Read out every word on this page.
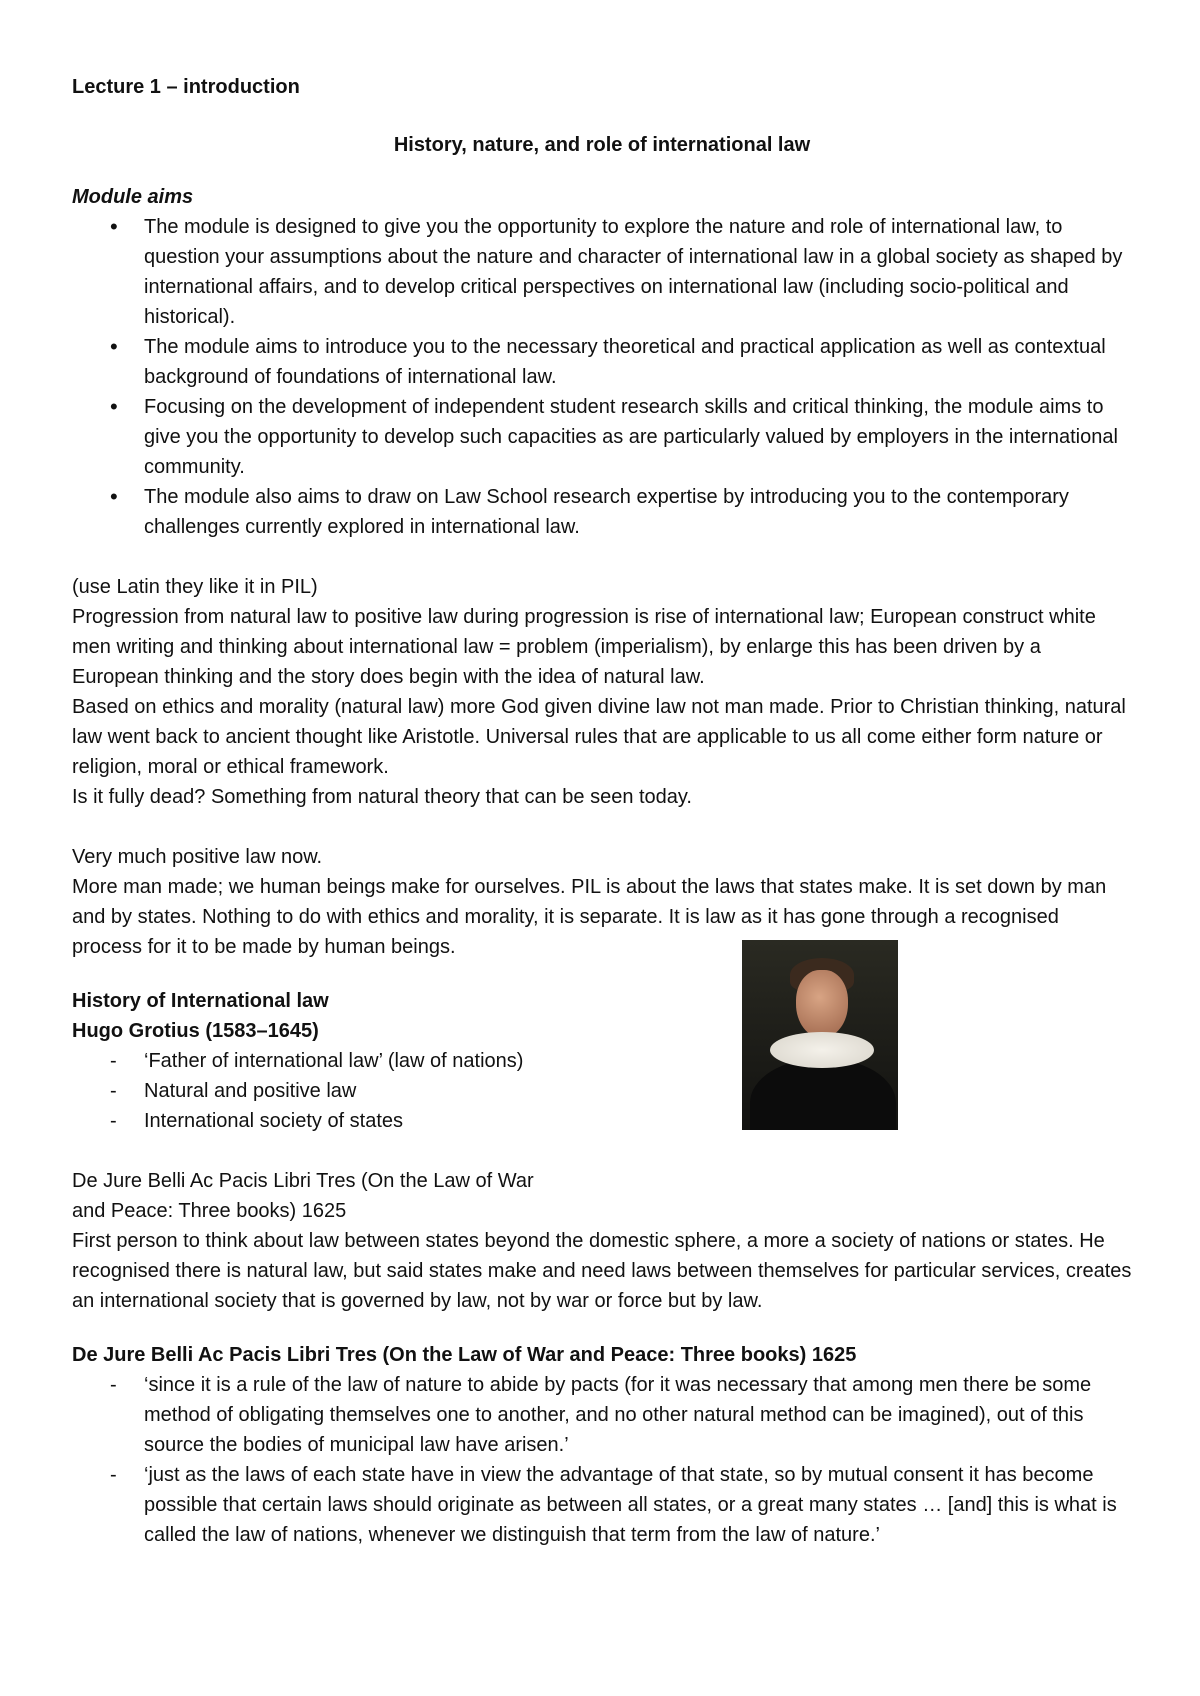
Lecture 1 – introduction

History, nature, and role of international law

Module aims

• The module is designed to give you the opportunity to explore the nature and role of international law, to question your assumptions about the nature and character of international law in a global society as shaped by international affairs, and to develop critical perspectives on international law (including socio-political and historical).
• The module aims to introduce you to the necessary theoretical and practical application as well as contextual background of foundations of international law.
• Focusing on the development of independent student research skills and critical thinking, the module aims to give you the opportunity to develop such capacities as are particularly valued by employers in the international community.
• The module also aims to draw on Law School research expertise by introducing you to the contemporary challenges currently explored in international law.

(use Latin they like it in PIL)

Progression from natural law to positive law during progression is rise of international law; European construct white men writing and thinking about international law = problem (imperialism), by enlarge this has been driven by a European thinking and the story does begin with the idea of natural law.

Based on ethics and morality (natural law) more God given divine law not man made. Prior to Christian thinking, natural law went back to ancient thought like Aristotle. Universal rules that are applicable to us all come either form nature or religion, moral or ethical framework.

Is it fully dead? Something from natural theory that can be seen today.

Very much positive law now.

More man made; we human beings make for ourselves. PIL is about the laws that states make. It is set down by man and by states. Nothing to do with ethics and morality, it is separate. It is law as it has gone through a recognised process for it to be made by human beings.

History of International law

Hugo Grotius (1583–1645)

- ‘Father of international law’ (law of nations)
- Natural and positive law
- International society of states

De Jure Belli Ac Pacis Libri Tres (On the Law of War

and Peace: Three books) 1625

First person to think about law between states beyond the domestic sphere, a more a society of nations or states. He recognised there is natural law, but said states make and need laws between themselves for particular services, creates an international society that is governed by law, not by war or force but by law.

De Jure Belli Ac Pacis Libri Tres (On the Law of War and Peace: Three books) 1625

- ‘since it is a rule of the law of nature to abide by pacts (for it was necessary that among men there be some method of obligating themselves one to another, and no other natural method can be imagined), out of this source the bodies of municipal law have arisen.’
- ‘just as the laws of each state have in view the advantage of that state, so by mutual consent it has become possible that certain laws should originate as between all states, or a great many states … [and] this is what is called the law of nations, whenever we distinguish that term from the law of nature.’
